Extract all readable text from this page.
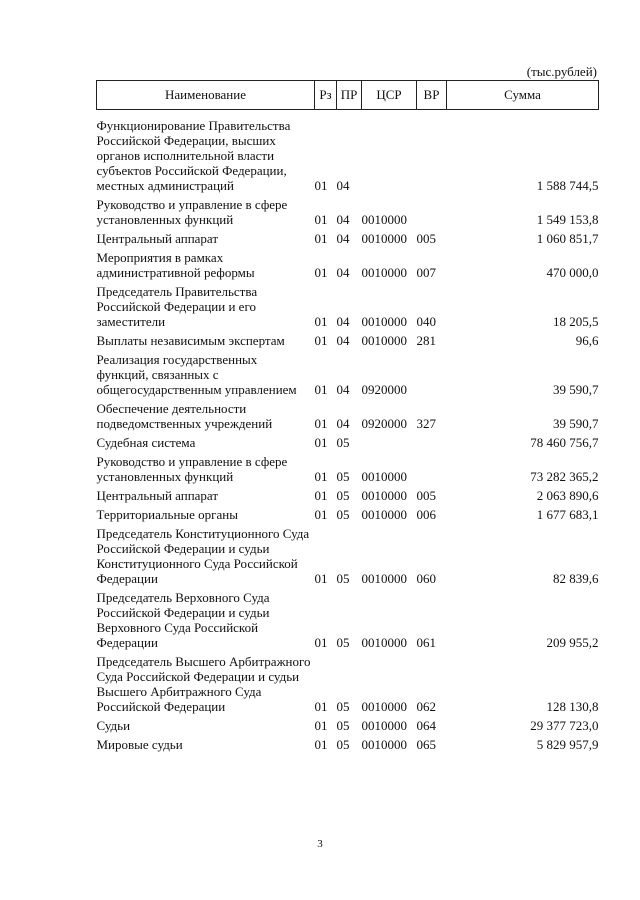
(тыс.рублей)
Наименование	Рз	ПР	ЦСР	ВР	Сумма

Функционирование Правительства Российской Федерации, высших органов исполнительной власти субъектов Российской Федерации, местных администраций	01	04			1 588 744,5

Руководство и управление в сфере установленных функций	01	04	0010000		1 549 153,8

Центральный аппарат	01	04	0010000	005	1 060 851,7

Мероприятия в рамках административной реформы	01	04	0010000	007	470 000,0

Председатель Правительства Российской Федерации и его заместители	01	04	0010000	040	18 205,5

Выплаты независимым экспертам	01	04	0010000	281	96,6

Реализация государственных функций, связанных с общегосударственным управлением	01	04	0920000		39 590,7

Обеспечение деятельности подведомственных учреждений	01	04	0920000	327	39 590,7

Судебная система	01	05			78 460 756,7

Руководство и управление в сфере установленных функций	01	05	0010000		73 282 365,2

Центральный аппарат	01	05	0010000	005	2 063 890,6

Территориальные органы	01	05	0010000	006	1 677 683,1

Председатель Конституционного Суда Российской Федерации и судьи Конституционного Суда Российской Федерации	01	05	0010000	060	82 839,6

Председатель Верховного Суда Российской Федерации и судьи Верховного Суда Российской Федерации	01	05	0010000	061	209 955,2

Председатель Высшего Арбитражного Суда Российской Федерации и судьи Высшего Арбитражного Суда Российской Федерации	01	05	0010000	062	128 130,8

Судьи	01	05	0010000	064	29 377 723,0

Мировые судьи	01	05	0010000	065	5 829 957,9
3
